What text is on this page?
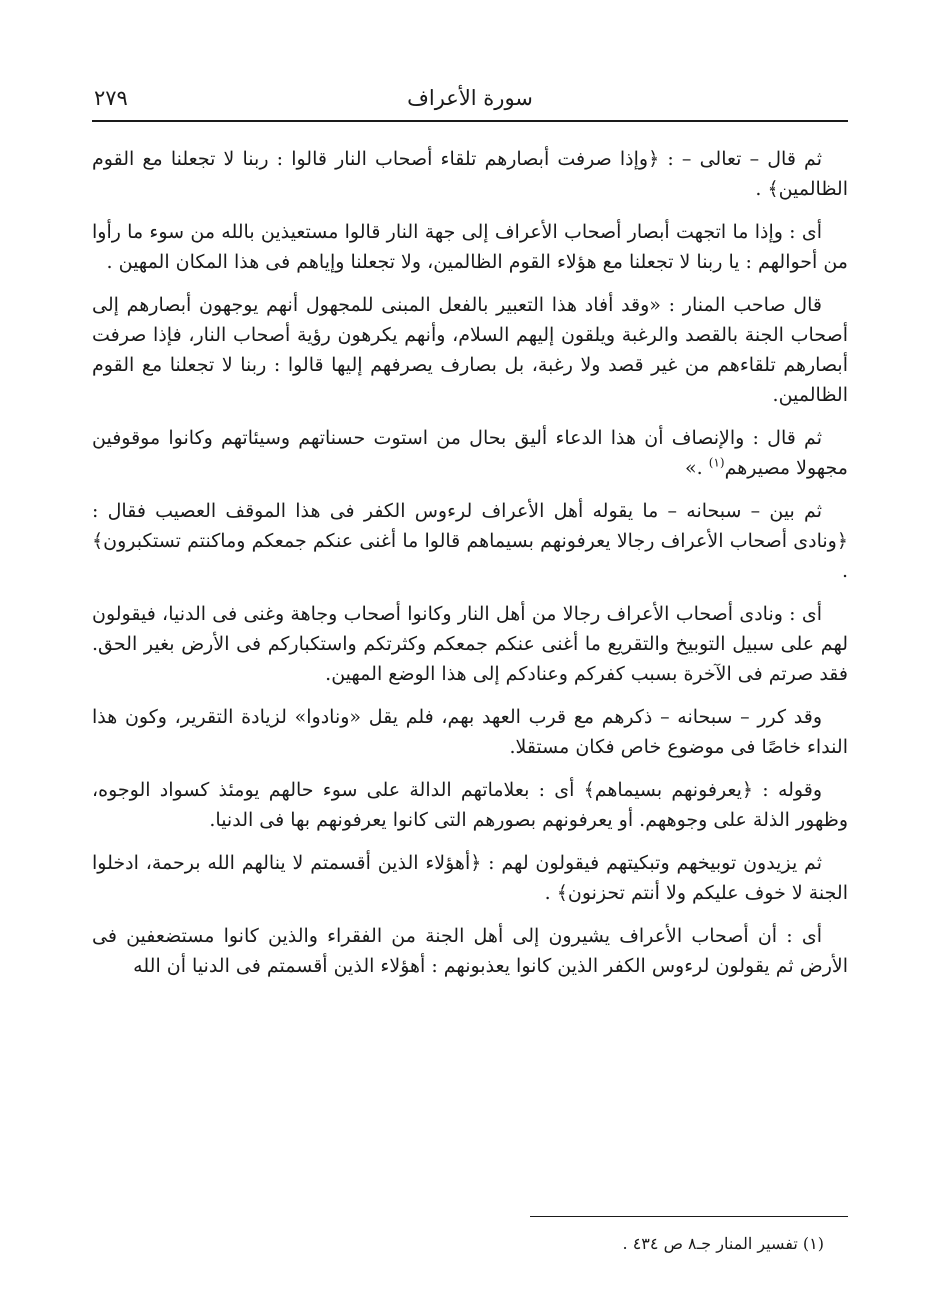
سورة الأعراف
٢٧٩

ثم قال – تعالى – : ﴿وإذا صرفت أبصارهم تلقاء أصحاب النار قالوا : ربنا لا تجعلنا مع القوم الظالمين﴾ .

أى : وإذا ما اتجهت أبصار أصحاب الأعراف إلى جهة النار قالوا مستعيذين بالله من سوء ما رأوا من أحوالهم : يا ربنا لا تجعلنا مع هؤلاء القوم الظالمين، ولا تجعلنا وإياهم فى هذا المكان المهين .

قال صاحب المنار : «وقد أفاد هذا التعبير بالفعل المبنى للمجهول أنهم يوجهون أبصارهم إلى أصحاب الجنة بالقصد والرغبة ويلقون إليهم السلام، وأنهم يكرهون رؤية أصحاب النار، فإذا صرفت أبصارهم تلقاءهم من غير قصد ولا رغبة، بل بصارف يصرفهم إليها قالوا : ربنا لا تجعلنا مع القوم الظالمين.

ثم قال : والإنصاف أن هذا الدعاء أليق بحال من استوت حسناتهم وسيئاتهم وكانوا موقوفين مجهولا مصيرهم$^{(١)}$ .»

ثم بين – سبحانه – ما يقوله أهل الأعراف لرءوس الكفر فى هذا الموقف العصيب فقال : ﴿ونادى أصحاب الأعراف رجالا يعرفونهم بسيماهم قالوا ما أغنى عنكم جمعكم وماكنتم تستكبرون﴾ .

أى : ونادى أصحاب الأعراف رجالا من أهل النار وكانوا أصحاب وجاهة وغنى فى الدنيا، فيقولون لهم على سبيل التوبيخ والتقريع ما أغنى عنكم جمعكم وكثرتكم واستكباركم فى الأرض بغير الحق. فقد صرتم فى الآخرة بسبب كفركم وعنادكم إلى هذا الوضع المهين.

وقد كرر – سبحانه – ذكرهم مع قرب العهد بهم، فلم يقل «ونادوا» لزيادة التقرير، وكون هذا النداء خاصًا فى موضوع خاص فكان مستقلا.

وقوله : ﴿يعرفونهم بسيماهم﴾ أى : بعلاماتهم الدالة على سوء حالهم يومئذ كسواد الوجوه، وظهور الذلة على وجوههم. أو يعرفونهم بصورهم التى كانوا يعرفونهم بها فى الدنيا.

ثم يزيدون توبيخهم وتبكيتهم فيقولون لهم : ﴿أهؤلاء الذين أقسمتم لا ينالهم الله برحمة، ادخلوا الجنة لا خوف عليكم ولا أنتم تحزنون﴾ .

أى : أن أصحاب الأعراف يشيرون إلى أهل الجنة من الفقراء والذين كانوا مستضعفين فى الأرض ثم يقولون لرءوس الكفر الذين كانوا يعذبونهم : أهؤلاء الذين أقسمتم فى الدنيا أن الله

(١) تفسير المنار جـ٨ ص ٤٣٤ .
